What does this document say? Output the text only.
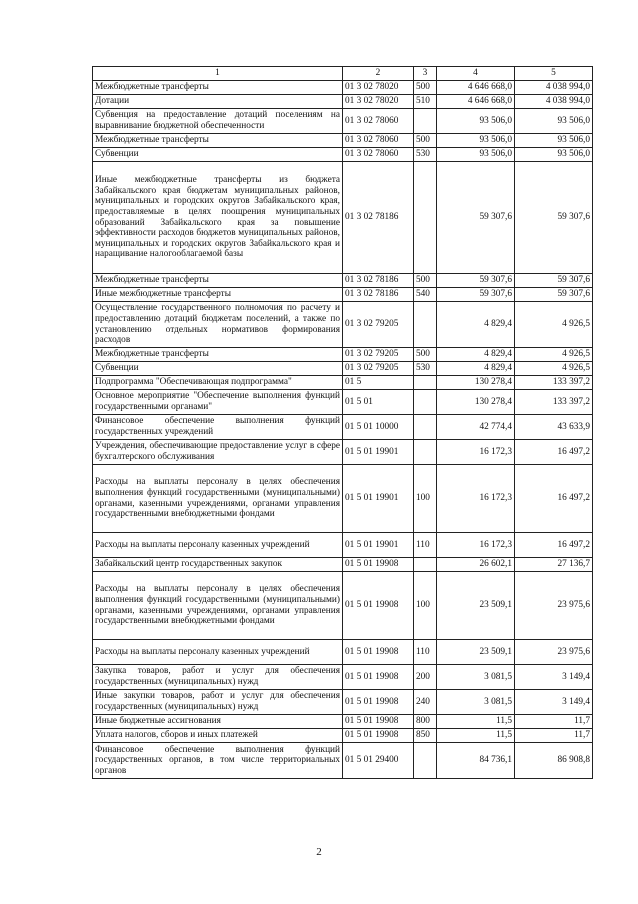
1	2	3	4	5
Межбюджетные трансферты	01 3 02 78020	500	4 646 668,0	4 038 994,0
Дотации	01 3 02 78020	510	4 646 668,0	4 038 994,0
Субвенция на предоставление дотаций поселениям на выравнивание бюджетной обеспеченности	01 3 02 78060		93 506,0	93 506,0
Межбюджетные трансферты	01 3 02 78060	500	93 506,0	93 506,0
Субвенции	01 3 02 78060	530	93 506,0	93 506,0
Иные межбюджетные трансферты из бюджета Забайкальского края бюджетам муниципальных районов, муниципальных и городских округов Забайкальского края, предоставляемые в целях поощрения муниципальных образований Забайкальского края за повышение эффективности расходов бюджетов муниципальных районов, муниципальных и городских округов Забайкальского края и наращивание налогооблагаемой базы	01 3 02 78186		59 307,6	59 307,6
Межбюджетные трансферты	01 3 02 78186	500	59 307,6	59 307,6
Иные межбюджетные трансферты	01 3 02 78186	540	59 307,6	59 307,6
Осуществление государственного полномочия по расчету и предоставлению дотаций бюджетам поселений, а также по установлению отдельных нормативов формирования расходов	01 3 02 79205		4 829,4	4 926,5
Межбюджетные трансферты	01 3 02 79205	500	4 829,4	4 926,5
Субвенции	01 3 02 79205	530	4 829,4	4 926,5
Подпрограмма "Обеспечивающая подпрограмма"	01 5		130 278,4	133 397,2
Основное мероприятие "Обеспечение выполнения функций государственными органами"	01 5 01		130 278,4	133 397,2
Финансовое обеспечение выполнения функций государственных учреждений	01 5 01 10000		42 774,4	43 633,9
Учреждения, обеспечивающие предоставление услуг в сфере бухгалтерского обслуживания	01 5 01 19901		16 172,3	16 497,2
Расходы на выплаты персоналу в целях обеспечения выполнения функций государственными (муниципальными) органами, казенными учреждениями, органами управления государственными внебюджетными фондами	01 5 01 19901	100	16 172,3	16 497,2
Расходы на выплаты персоналу казенных учреждений	01 5 01 19901	110	16 172,3	16 497,2
Забайкальский центр государственных закупок	01 5 01 19908		26 602,1	27 136,7
Расходы на выплаты персоналу в целях обеспечения выполнения функций государственными (муниципальными) органами, казенными учреждениями, органами управления государственными внебюджетными фондами	01 5 01 19908	100	23 509,1	23 975,6
Расходы на выплаты персоналу казенных учреждений	01 5 01 19908	110	23 509,1	23 975,6
Закупка товаров, работ и услуг для обеспечения государственных (муниципальных) нужд	01 5 01 19908	200	3 081,5	3 149,4
Иные закупки товаров, работ и услуг для обеспечения государственных (муниципальных) нужд	01 5 01 19908	240	3 081,5	3 149,4
Иные бюджетные ассигнования	01 5 01 19908	800	11,5	11,7
Уплата налогов, сборов и иных платежей	01 5 01 19908	850	11,5	11,7
Финансовое обеспечение выполнения функций государственных органов, в том числе территориальных органов	01 5 01 29400		84 736,1	86 908,8
2
